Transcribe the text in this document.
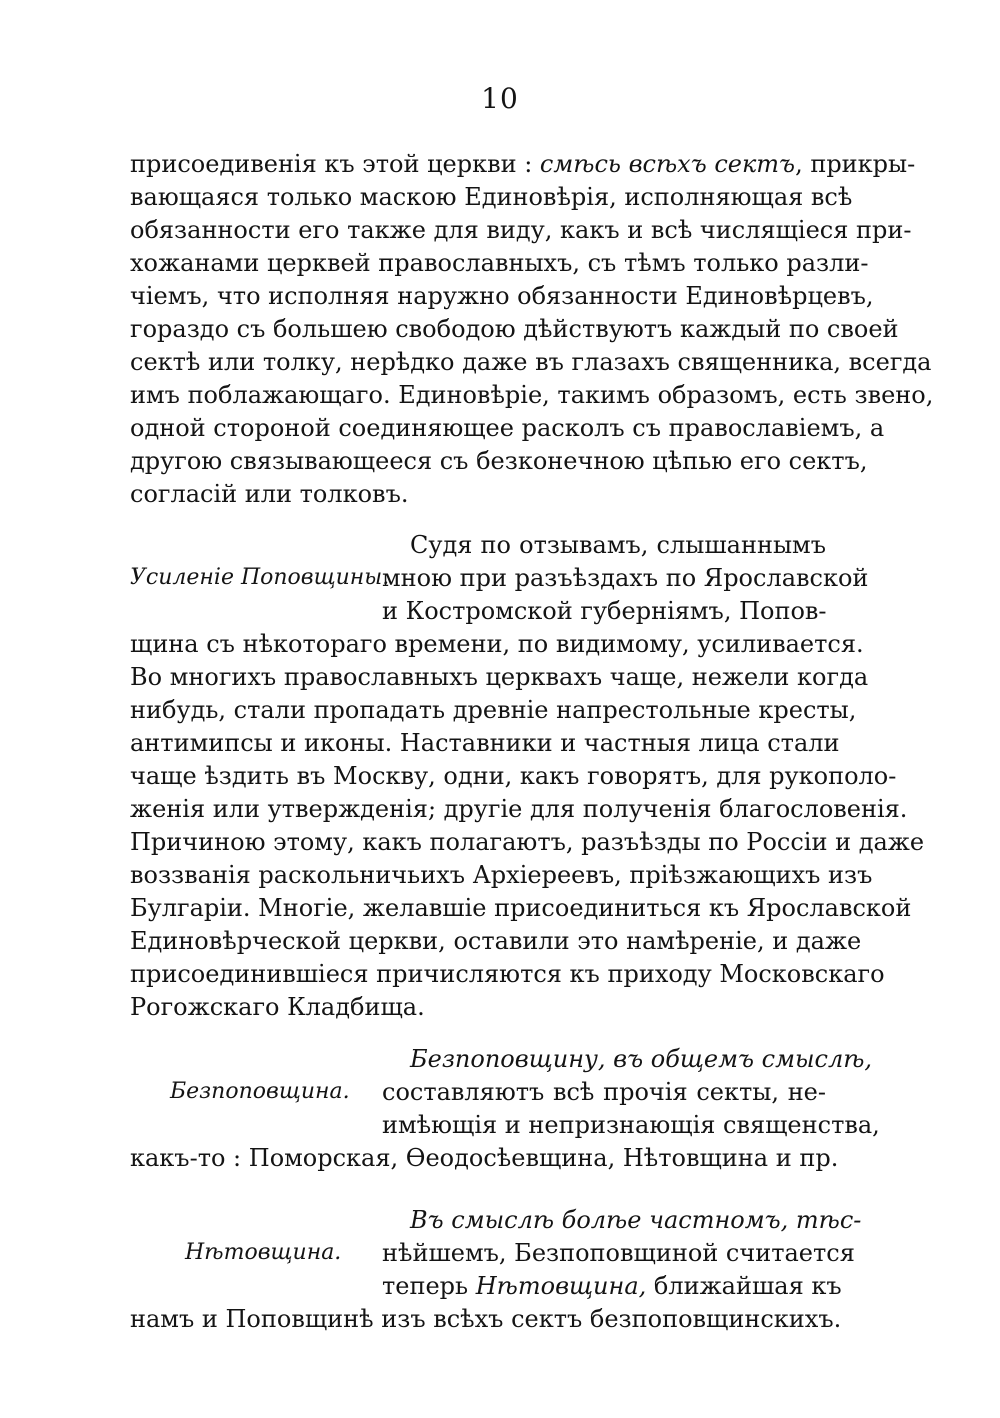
10
присоедивенія къ этой церкви : смѣсь всѣхъ сектъ, прикры-
вающаяся только маскою Единовѣрія, исполняющая всѣ
обязанности его также для виду, какъ и всѣ числящіеся при-
хожанами церквей православныхъ, съ тѣмъ только разли-
чіемъ, что исполняя наружно обязанности Единовѣрцевъ,
гораздо съ большею свободою дѣйствуютъ каждый по своей
сектѣ или толку, нерѣдко даже въ глазахъ священника, всегда
имъ поблажающаго. Единовѣріе, такимъ образомъ, есть звено,
одной стороной соединяющее расколъ съ православіемъ, а
другою связывающееся съ безконечною цѣпью его сектъ,
согласій или толковъ.
Судя по отзывамъ, слышаннымъ
Усиленіе Поповщины.
мною при разъѣздахъ по Ярославской
и Костромской губерніямъ, Попов-
щина съ нѣкотораго времени, по видимому, усиливается.
Во многихъ православныхъ церквахъ чаще, нежели когда
нибудь, стали пропадать древніе напрестольные кресты,
антимипсы и иконы. Наставники и частныя лица стали
чаще ѣздить въ Москву, одни, какъ говорятъ, для рукополо-
женія или утвержденія; другіе для полученія благословенія.
Причиною этому, какъ полагаютъ, разъѣзды по Россіи и даже
воззванія раскольничьихъ Архіереевъ, пріѣзжающихъ изъ
Булгаріи. Многіе, желавшіе присоединиться къ Ярославской
Единовѣрческой церкви, оставили это намѣреніе, и даже
присоединившіеся причисляются къ приходу Московскаго
Рогожскаго Кладбища.
Безпоповщину, въ общемъ смыслѣ,
Безпоповщина. составляютъ всѣ прочія секты, не-
имѣющія и непризнающія священства,
какъ-то : Поморская, Ѳеодосѣевщина, Нѣтовщина и пр.
Въ смыслѣ болѣе частномъ, тѣс-
Нѣтовщина. нѣйшемъ, Безпоповщиной считается
теперь Нѣтовщина, ближайшая къ
намъ и Поповщинѣ изъ всѣхъ сектъ безпоповщинскихъ.
